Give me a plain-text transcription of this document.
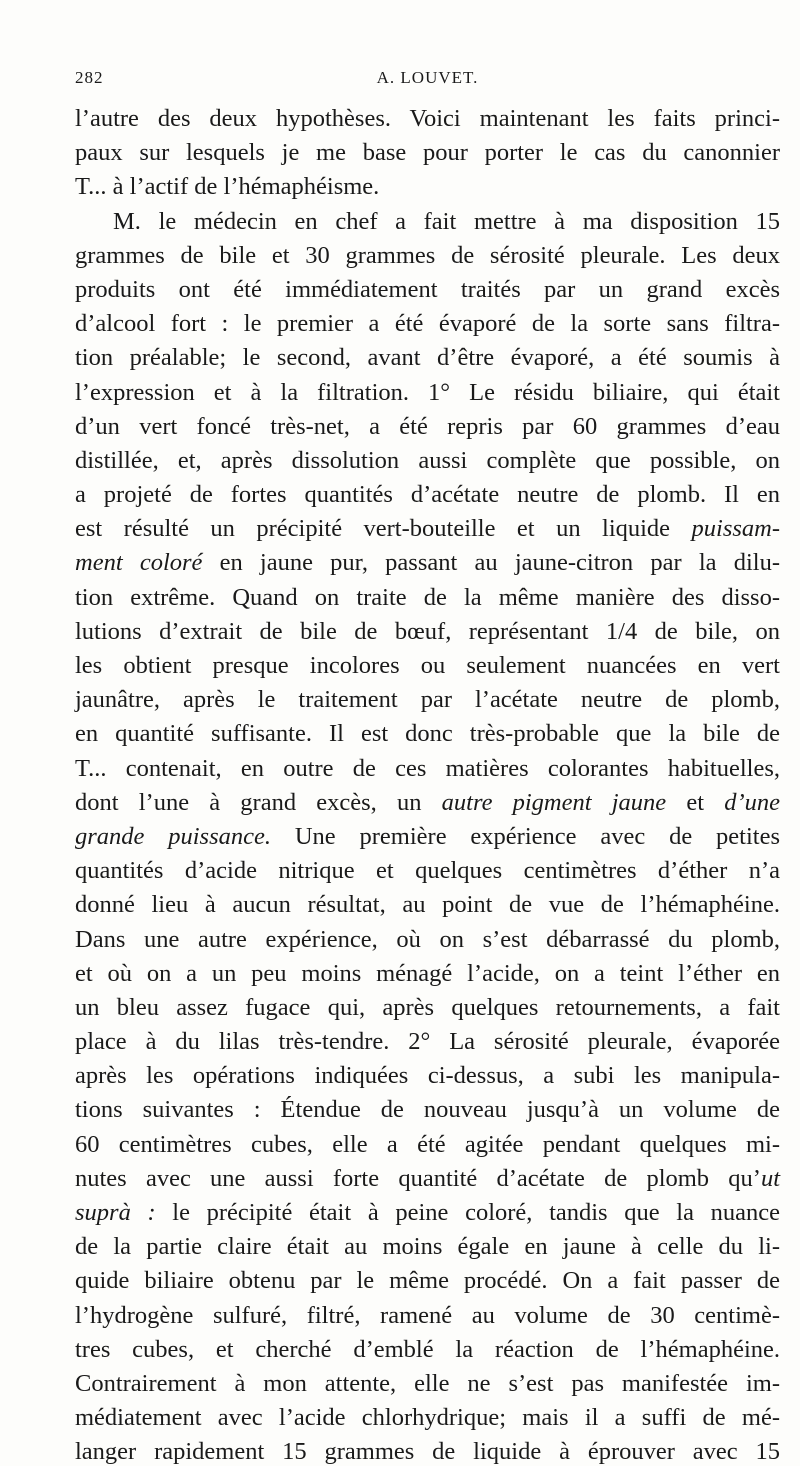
282	A. LOUVET.
l’autre des deux hypothèses. Voici maintenant les faits princi-
paux sur lesquels je me base pour porter le cas du canonnier
T... à l’actif de l’hémaphéisme.
M. le médecin en chef a fait mettre à ma disposition 15
grammes de bile et 30 grammes de sérosité pleurale. Les deux
produits ont été immédiatement traités par un grand excès
d’alcool fort : le premier a été évaporé de la sorte sans filtra-
tion préalable; le second, avant d’être évaporé, a été soumis à
l’expression et à la filtration. 1° Le résidu biliaire, qui était
d’un vert foncé très-net, a été repris par 60 grammes d’eau
distillée, et, après dissolution aussi complète que possible, on
a projeté de fortes quantités d’acétate neutre de plomb. Il en
est résulté un précipité vert-bouteille et un liquide puissam-
ment coloré en jaune pur, passant au jaune-citron par la dilu-
tion extrême. Quand on traite de la même manière des disso-
lutions d’extrait de bile de bœuf, représentant 1/4 de bile, on
les obtient presque incolores ou seulement nuancées en vert
jaunâtre, après le traitement par l’acétate neutre de plomb,
en quantité suffisante. Il est donc très-probable que la bile de
T... contenait, en outre de ces matières colorantes habituelles,
dont l’une à grand excès, un autre pigment jaune et d’une
grande puissance. Une première expérience avec de petites
quantités d’acide nitrique et quelques centimètres d’éther n’a
donné lieu à aucun résultat, au point de vue de l’hémaphéine.
Dans une autre expérience, où on s’est débarrassé du plomb,
et où on a un peu moins ménagé l’acide, on a teint l’éther en
un bleu assez fugace qui, après quelques retournements, a fait
place à du lilas très-tendre. 2° La sérosité pleurale, évaporée
après les opérations indiquées ci-dessus, a subi les manipula-
tions suivantes : Étendue de nouveau jusqu’à un volume de
60 centimètres cubes, elle a été agitée pendant quelques mi-
nutes avec une aussi forte quantité d’acétate de plomb qu’ut
suprà : le précipité était à peine coloré, tandis que la nuance
de la partie claire était au moins égale en jaune à celle du li-
quide biliaire obtenu par le même procédé. On a fait passer de
l’hydrogène sulfuré, filtré, ramené au volume de 30 centimè-
tres cubes, et cherché d’emblé la réaction de l’hémaphéine.
Contrairement à mon attente, elle ne s’est pas manifestée im-
médiatement avec l’acide chlorhydrique; mais il a suffi de mé-
langer rapidement 15 grammes de liquide à éprouver avec 15
